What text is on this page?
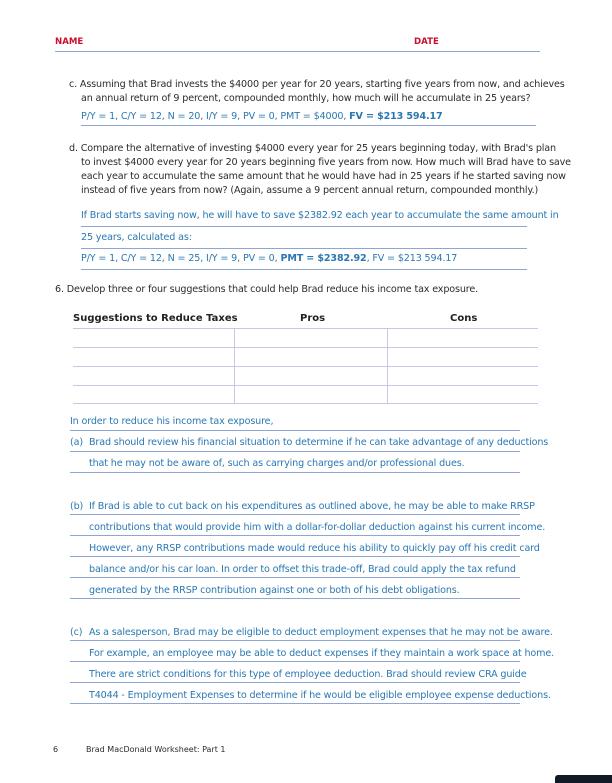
NAME	DATE
c. Assuming that Brad invests the $4000 per year for 20 years, starting five years from now, and achieves
an annual return of 9 percent, compounded monthly, how much will he accumulate in 25 years?
P/Y = 1, C/Y = 12, N = 20, I/Y = 9, PV = 0, PMT = $4000, FV = $213 594.17
d. Compare the alternative of investing $4000 every year for 25 years beginning today, with Brad's plan
to invest $4000 every year for 20 years beginning five years from now. How much will Brad have to save
each year to accumulate the same amount that he would have had in 25 years if he started saving now
instead of five years from now? (Again, assume a 9 percent annual return, compounded monthly.)
If Brad starts saving now, he will have to save $2382.92 each year to accumulate the same amount in
25 years, calculated as:
P/Y = 1, C/Y = 12, N = 25, I/Y = 9, PV = 0, PMT = $2382.92, FV = $213 594.17
6. Develop three or four suggestions that could help Brad reduce his income tax exposure.
Suggestions to Reduce Taxes	Pros	Cons
In order to reduce his income tax exposure,
(a) Brad should review his financial situation to determine if he can take advantage of any deductions
that he may not be aware of, such as carrying charges and/or professional dues.
(b) If Brad is able to cut back on his expenditures as outlined above, he may be able to make RRSP
contributions that would provide him with a dollar-for-dollar deduction against his current income.
However, any RRSP contributions made would reduce his ability to quickly pay off his credit card
balance and/or his car loan. In order to offset this trade-off, Brad could apply the tax refund
generated by the RRSP contribution against one or both of his debt obligations.
(c) As a salesperson, Brad may be eligible to deduct employment expenses that he may not be aware.
For example, an employee may be able to deduct expenses if they maintain a work space at home.
There are strict conditions for this type of employee deduction. Brad should review CRA guide
T4044 - Employment Expenses to determine if he would be eligible employee expense deductions.
6	Brad MacDonald Worksheet: Part 1
